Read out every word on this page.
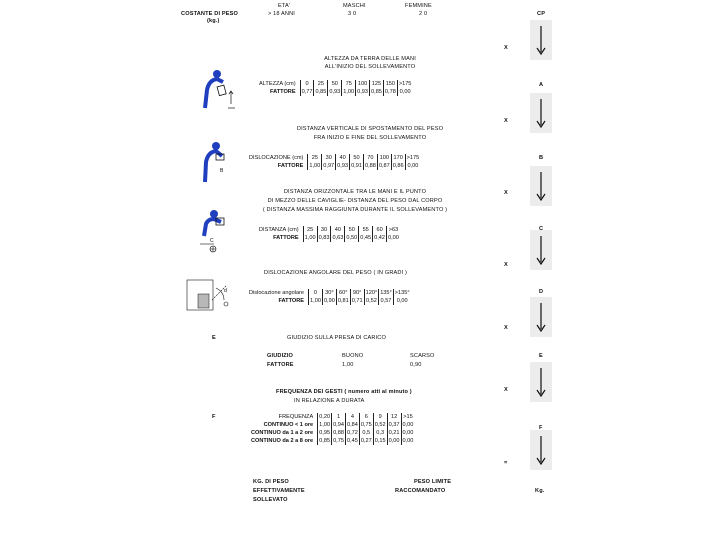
COSTANTE DI PESO
(kg.)
ETA'
> 18 ANNI
MASCHI
3 0
FEMMINE
2 0	CP
X
X
X
X
X
X
=
A
B
C
D
E
F
ALTEZZA DA TERRA DELLE MANI
ALL'INIZIO DEL SOLLEVAMENTO
ALTEZZA (cm)	0	25	50	75	100	125	150	>175
FATTORE	0,77	0,85	0,93	1,00	0,93	0,85	0,78	0,00
DISTANZA VERTICALE DI SPOSTAMENTO DEL PESO
FRA INIZIO E FINE DEL SOLLEVAMENTO
B
DISLOCAZIONE (cm)	25	30	40	50	70	100	170	>175
FATTORE	1,00	0,97	0,93	0,91	0,88	0,87	0,86	0,00
DISTANZA ORIZZONTALE TRA LE MANI E IL PUNTO
DI MEZZO DELLE CAVIGLIE- DISTANZA DEL PESO DAL CORPO
( DISTANZA MASSIMA RAGGIUNTA DURANTE IL SOLLEVAMENTO )
C
DISTANZA (cm)	25	30	40	50	55	60	>63
FATTORE	1,00	0,83	0,63	0,50	0,45	0,42	0,00
DISLOCAZIONE ANGOLARE DEL PESO ( IN GRADI )
d	Dislocazione angolare	0	30°	60°	90°	120°	135°	>135°
FATTORE	1,00	0,90	0,81	0,71	0,52	0,57	0,00
E	GIUDIZIO SULLA PRESA DI CARICO
GIUDIZIO	BUONO	SCARSO
FATTORE	1,00	0,90
FREQUENZA DEI GESTI ( numero atti al minuto )
IN RELAZIONE A DURATA
F	FREQUENZA	0,20	1	4	6	9	12	>15
CONTINUO < 1 ore	1,00	0,94	0,84	0,75	0,52	0,37	0,00
CONTINUO da 1 a 2 ore	0,95	0,88	0,72	0,5	0,3	0,21	0,00
CONTINUO da 2 a 8 ore	0,85	0,75	0,45	0,27	0,15	0,00	0,00
KG. DI PESO
EFFETTIVAMENTE
SOLLEVATO
PESO LIMITE
RACCOMANDATO	Kg.
